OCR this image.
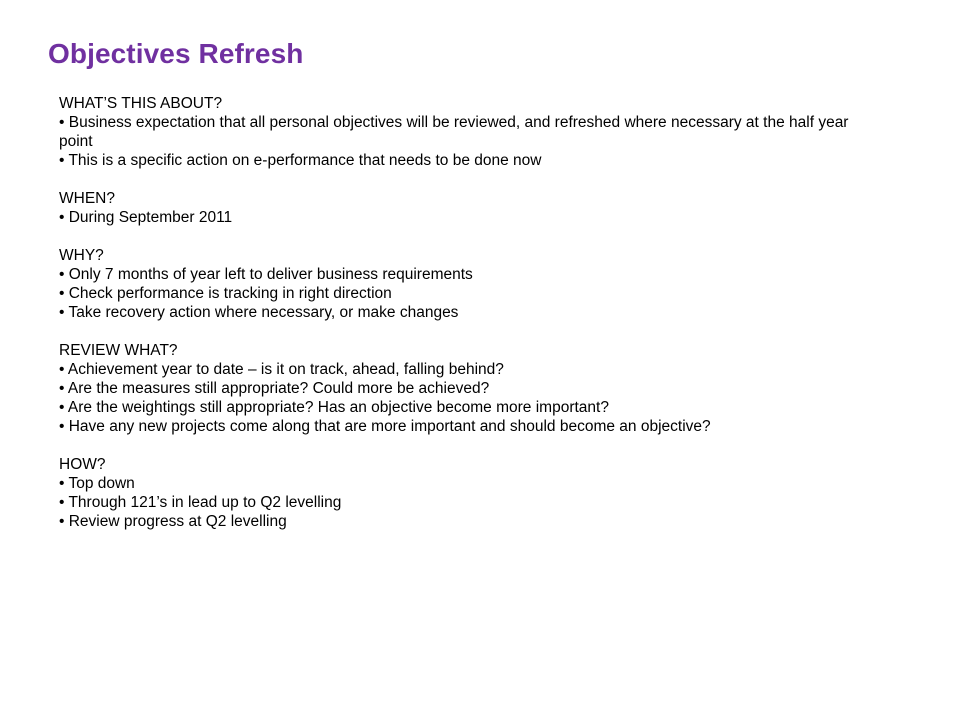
Objectives Refresh
WHAT’S THIS ABOUT?
• Business expectation that all personal objectives will be reviewed, and refreshed where necessary at the half year point
• This is a specific action on e-performance that needs to be done now
WHEN?
• During September 2011
WHY?
• Only 7 months of year left to deliver business requirements
• Check performance is tracking in right direction
• Take recovery action where necessary, or make changes
REVIEW WHAT?
• Achievement year to date – is it on track, ahead, falling behind?
• Are the measures still appropriate? Could more be achieved?
• Are the weightings still appropriate? Has an objective become more important?
• Have any new projects come along that are more important and should become an objective?
HOW?
• Top down
• Through 121’s in lead up to Q2 levelling
• Review progress at Q2 levelling
